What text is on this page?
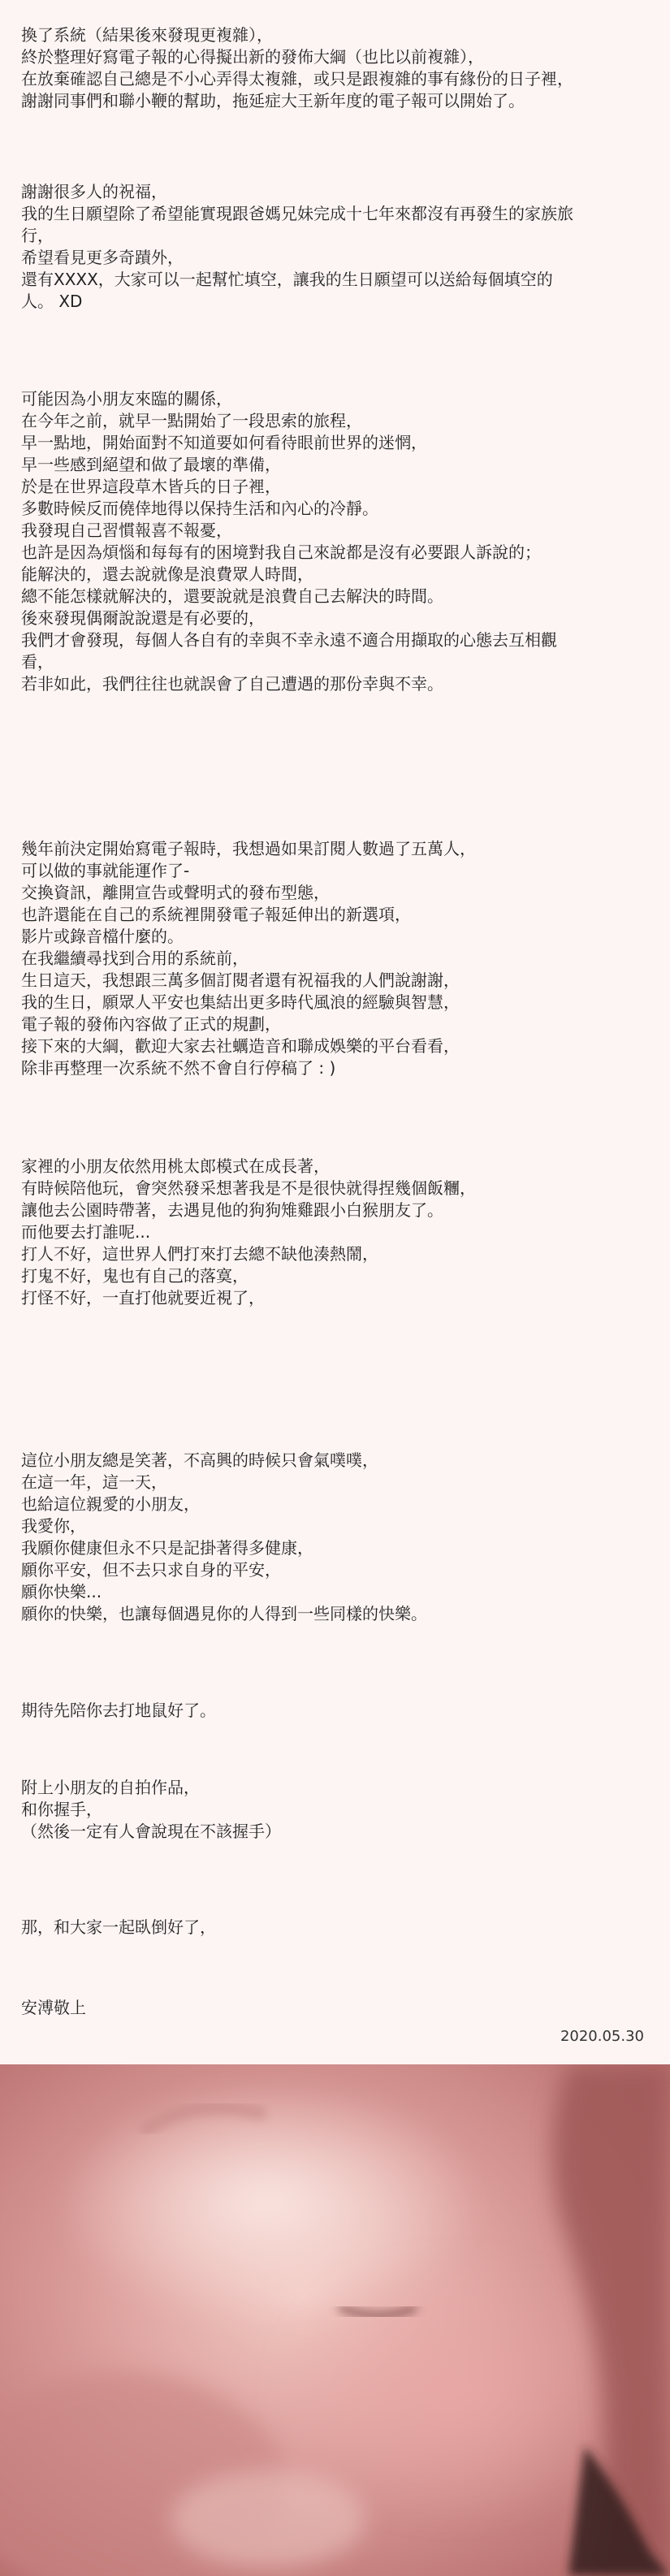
換了系統（結果後來發現更複雜），
終於整理好寫電子報的心得擬出新的發佈大綱（也比以前複雜），
在放棄確認自己總是不小心弄得太複雜，或只是跟複雜的事有緣份的日子裡，
謝謝同事們和聯小鞭的幫助，拖延症大王新年度的電子報可以開始了。
謝謝很多人的祝福，
我的生日願望除了希望能實現跟爸媽兄妹完成十七年來都沒有再發生的家族旅
行，
希望看見更多奇蹟外，
還有XXXX，大家可以一起幫忙填空，讓我的生日願望可以送給每個填空的
人。 XD
可能因為小朋友來臨的關係，
在今年之前，就早一點開始了一段思索的旅程，
早一點地，開始面對不知道要如何看待眼前世界的迷惘，
早一些感到絕望和做了最壞的準備，
於是在世界這段草木皆兵的日子裡，
多數時候反而僥倖地得以保持生活和內心的冷靜。
我發現自己習慣報喜不報憂，
也許是因為煩惱和每每有的困境對我自己來說都是沒有必要跟人訴說的；
能解決的，還去說就像是浪費眾人時間，
總不能怎樣就解決的，還要說就是浪費自己去解決的時間。
後來發現偶爾說說還是有必要的，
我們才會發現，每個人各自有的幸與不幸永遠不適合用擷取的心態去互相觀
看，
若非如此，我們往往也就誤會了自己遭遇的那份幸與不幸。
幾年前決定開始寫電子報時，我想過如果訂閱人數過了五萬人，
可以做的事就能運作了-
交換資訊，離開宣告或聲明式的發布型態，
也許還能在自己的系統裡開發電子報延伸出的新選項，
影片或錄音檔什麼的。
在我繼續尋找到合用的系統前，
生日這天，我想跟三萬多個訂閱者還有祝福我的人們說謝謝，
我的生日，願眾人平安也集結出更多時代風浪的經驗與智慧，
電子報的發佈內容做了正式的規劃，
接下來的大綱，歡迎大家去社蠣造音和聯成娛樂的平台看看，
除非再整理一次系統不然不會自行停稿了 : )
家裡的小朋友依然用桃太郎模式在成長著，
有時候陪他玩，會突然發采想著我是不是很快就得捏幾個飯糰，
讓他去公園時帶著，去遇見他的狗狗雉雞跟小白猴朋友了。
而他要去打誰呢...
打人不好，這世界人們打來打去總不缺他湊熱鬧，
打鬼不好，鬼也有自己的落寞，
打怪不好，一直打他就要近視了，
這位小朋友總是笑著，不高興的時候只會氣噗噗，
在這一年，這一天，
也給這位親愛的小朋友，
我愛你，
我願你健康但永不只是記掛著得多健康，
願你平安，但不去只求自身的平安，
願你快樂...
願你的快樂，也讓每個遇見你的人得到一些同樣的快樂。
期待先陪你去打地鼠好了。
附上小朋友的自拍作品，
和你握手，
（然後一定有人會說現在不該握手）
那，和大家一起臥倒好了，
安溥敬上
2020.05.30
